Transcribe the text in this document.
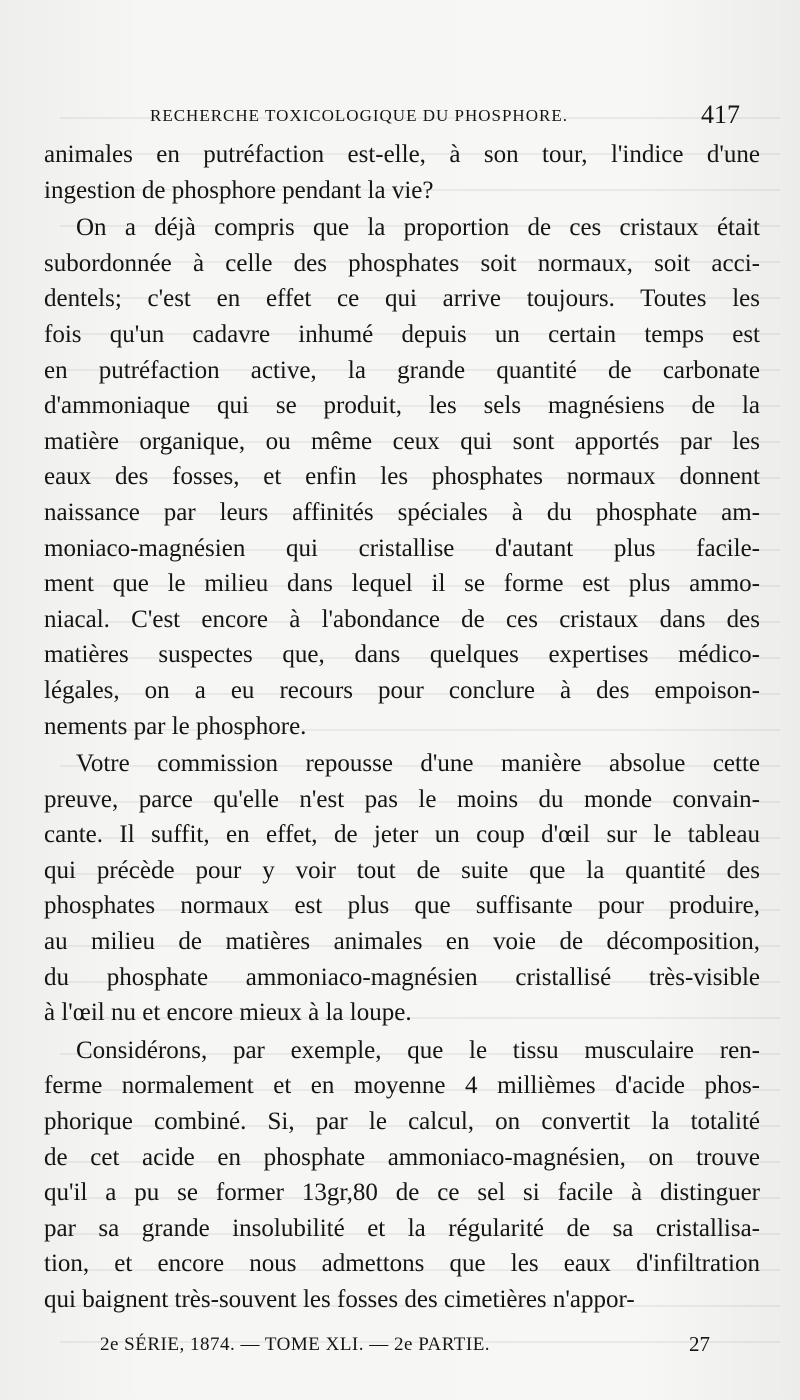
RECHERCHE TOXICOLOGIQUE DU PHOSPHORE.	417
animales en putréfaction est-elle, à son tour, l'indice d'une
ingestion de phosphore pendant la vie?
On a déjà compris que la proportion de ces cristaux était
subordonnée à celle des phosphates soit normaux, soit acci-
dentels; c'est en effet ce qui arrive toujours. Toutes les
fois qu'un cadavre inhumé depuis un certain temps est
en putréfaction active, la grande quantité de carbonate
d'ammoniaque qui se produit, les sels magnésiens de la
matière organique, ou même ceux qui sont apportés par les
eaux des fosses, et enfin les phosphates normaux donnent
naissance par leurs affinités spéciales à du phosphate am-
moniaco-magnésien qui cristallise d'autant plus facile-
ment que le milieu dans lequel il se forme est plus ammo-
niacal. C'est encore à l'abondance de ces cristaux dans des
matières suspectes que, dans quelques expertises médico-
légales, on a eu recours pour conclure à des empoison-
nements par le phosphore.
Votre commission repousse d'une manière absolue cette
preuve, parce qu'elle n'est pas le moins du monde convain-
cante. Il suffit, en effet, de jeter un coup d'œil sur le tableau
qui précède pour y voir tout de suite que la quantité des
phosphates normaux est plus que suffisante pour produire,
au milieu de matières animales en voie de décomposition,
du phosphate ammoniaco-magnésien cristallisé très-visible
à l'œil nu et encore mieux à la loupe.
Considérons, par exemple, que le tissu musculaire ren-
ferme normalement et en moyenne 4 millièmes d'acide phos-
phorique combiné. Si, par le calcul, on convertit la totalité
de cet acide en phosphate ammoniaco-magnésien, on trouve
qu'il a pu se former 13gr,80 de ce sel si facile à distinguer
par sa grande insolubilité et la régularité de sa cristallisa-
tion, et encore nous admettons que les eaux d'infiltration
qui baignent très-souvent les fosses des cimetières n'appor-
2e SÉRIE, 1874. — TOME XLI. — 2e PARTIE.	27
